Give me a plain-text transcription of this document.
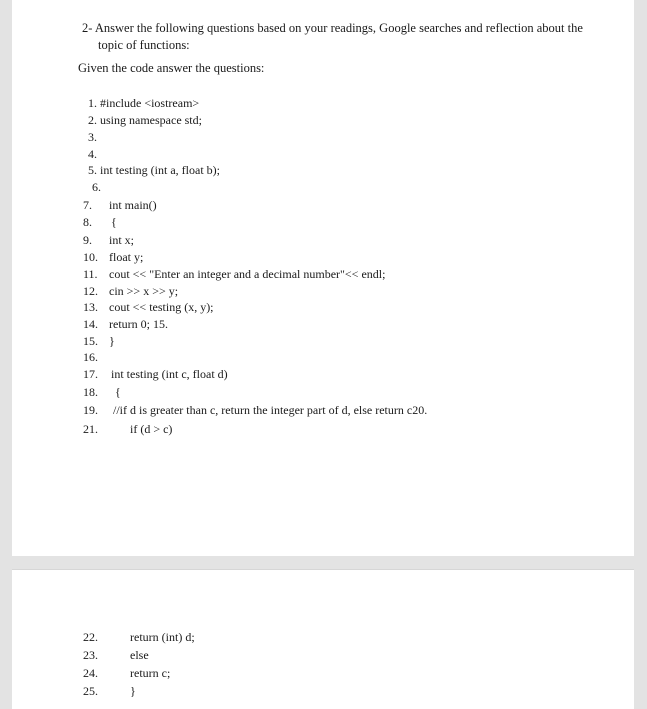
2- Answer the following questions based on your readings, Google searches and reflection about the
topic of functions:
Given the code answer the questions:
1. #include <iostream>
2. using namespace std;
3.
4.
5. int testing (int a, float b);
6.
7. int main()
8. {
9. int x;
10. float y;
11. cout << "Enter an integer and a decimal number"<< endl;
12. cin >> x >> y;
13. cout << testing (x, y);
14. return 0; 15.
15. }
16.
17. int testing (int c, float d)
18. {
19. //if d is greater than c, return the integer part of d, else return c20.
21.	if (d > c)
22.	return (int) d;
23.	else
24.	return c;
25.	}
